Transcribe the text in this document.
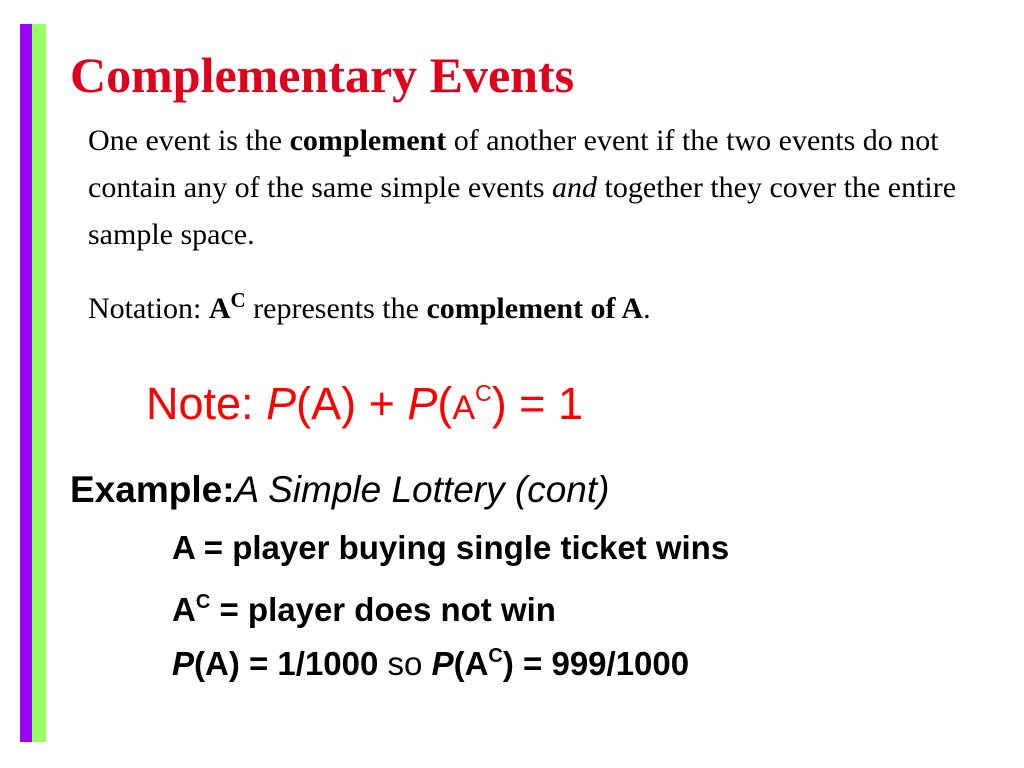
Complementary Events

One event is the complement of another event if the two events do not contain any of the same simple events and together they cover the entire sample space.

Notation: $A^C$ represents the complement of A.

Note: P(A) + P(A$^C$) = 1

Example:A Simple Lottery (cont)

A = player buying single ticket wins

$A^C$ = player does not win

P(A) = 1/1000 so $P(A^C) = 999/1000$
